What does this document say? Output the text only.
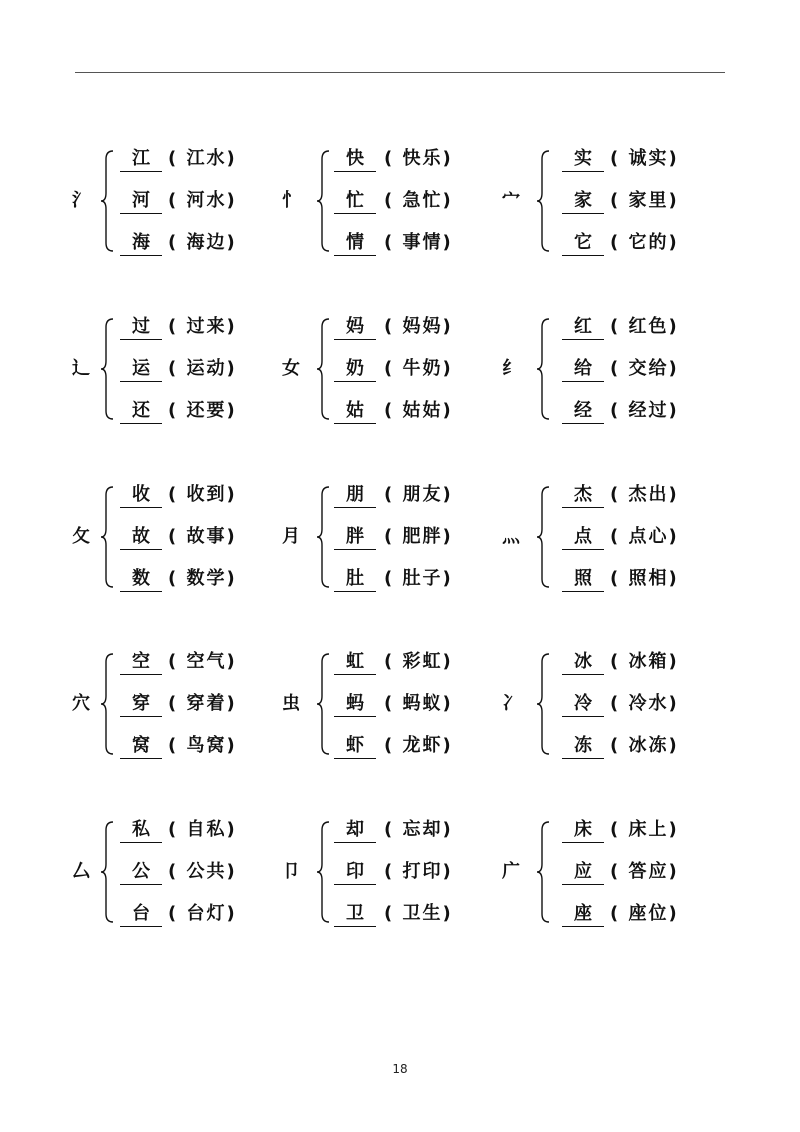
氵
江	( 江水)
河	( 河水)
海	( 海边)
忄
快	( 快乐)
忙	( 急忙)
情	( 事情)
宀
实	( 诚实)
家	( 家里)
它	( 它的)
辶
过	( 过来)
运	( 运动)
还	( 还要)
女
妈	( 妈妈)
奶	( 牛奶)
姑	( 姑姑)
纟
红	( 红色)
给	( 交给)
经	( 经过)
攵
收	( 收到)
故	( 故事)
数	( 数学)
月
朋	( 朋友)
胖	( 肥胖)
肚	( 肚子)
灬
杰	( 杰出)
点	( 点心)
照	( 照相)
穴
空	( 空气)
穿	( 穿着)
窝	( 鸟窝)
虫
虹	( 彩虹)
蚂	( 蚂蚁)
虾	( 龙虾)
冫
冰	( 冰箱)
冷	( 冷水)
冻	( 冰冻)
厶
私	( 自私)
公	( 公共)
台	( 台灯)
卩
却	( 忘却)
印	( 打印)
卫	( 卫生)
广
床	( 床上)
应	( 答应)
座	( 座位)
18
